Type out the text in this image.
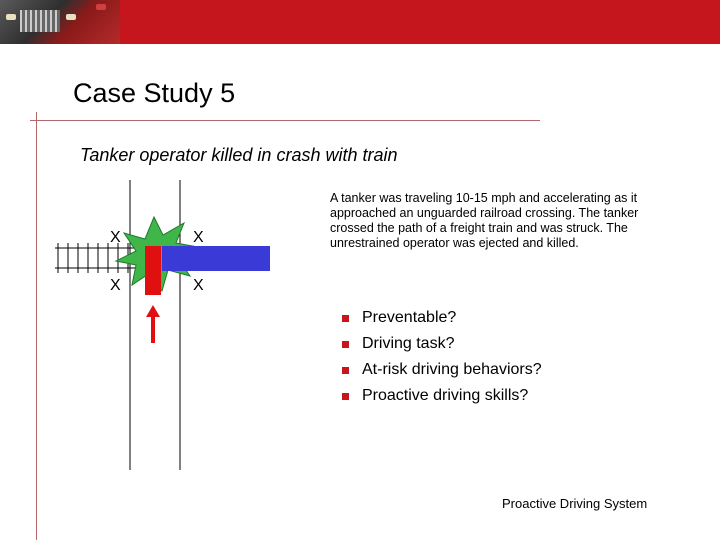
Case Study 5
Tanker operator killed in crash with train
X	X
X	X
A tanker was traveling 10-15 mph and accelerating as it approached an unguarded railroad crossing. The tanker crossed the path of a freight train and was struck. The unrestrained operator was ejected and killed.
Preventable?
Driving task?
At-risk driving behaviors?
Proactive driving skills?
Proactive Driving System
